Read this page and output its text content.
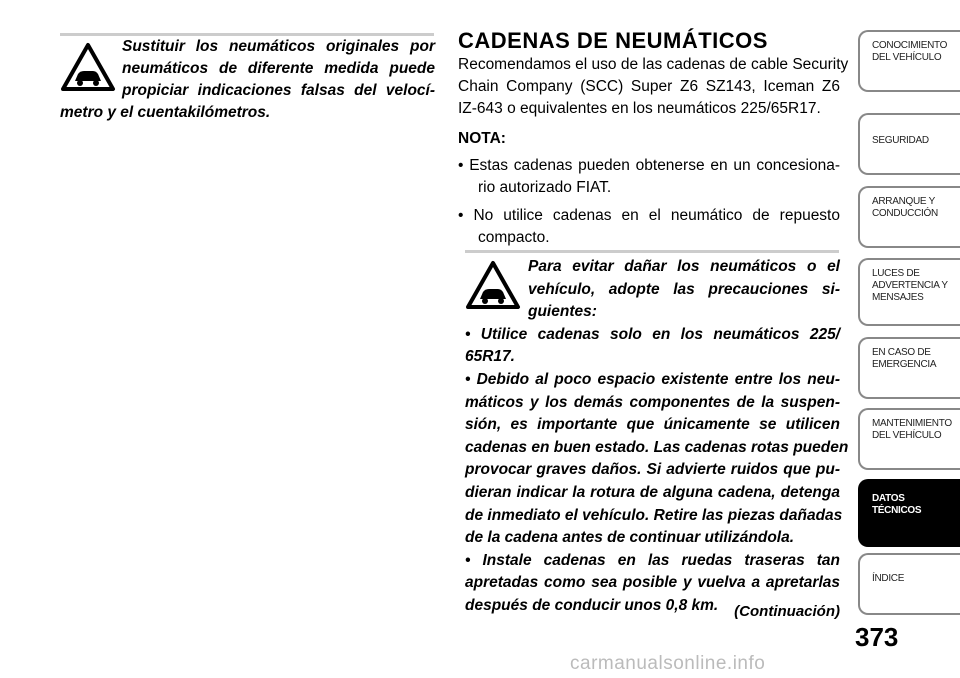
Sustituir los neumáticos originales por
neumáticos de diferente medida puede
propiciar indicaciones falsas del velocí-
metro y el cuentakilómetros.
CADENAS DE NEUMÁTICOS
Recomendamos el uso de las cadenas de cable Security
Chain Company (SCC) Super Z6 SZ143, Iceman Z6
IZ-643 o equivalentes en los neumáticos 225/65R17.
NOTA:
• Estas cadenas pueden obtenerse en un concesiona-
rio autorizado FIAT.
• No utilice cadenas en el neumático de repuesto
compacto.
Para evitar dañar los neumáticos o el
vehículo, adopte las precauciones si-
guientes:
• Utilice cadenas solo en los neumáticos 225/
65R17.
• Debido al poco espacio existente entre los neu-
máticos y los demás componentes de la suspen-
sión, es importante que únicamente se utilicen
cadenas en buen estado. Las cadenas rotas pueden
provocar graves daños. Si advierte ruidos que pu-
dieran indicar la rotura de alguna cadena, detenga
de inmediato el vehículo. Retire las piezas dañadas
de la cadena antes de continuar utilizándola.
• Instale cadenas en las ruedas traseras tan
apretadas como sea posible y vuelva a apretarlas
después de conducir unos 0,8 km.	(Continuación)
373
CONOCIMIENTO
DEL VEHÍCULO
SEGURIDAD
ARRANQUE Y
CONDUCCIÓN
LUCES DE
ADVERTENCIA Y
MENSAJES
EN CASO DE
EMERGENCIA
MANTENIMIENTO
DEL VEHÍCULO
DATOS
TÉCNICOS
ÍNDICE
carmanualsonline.info
